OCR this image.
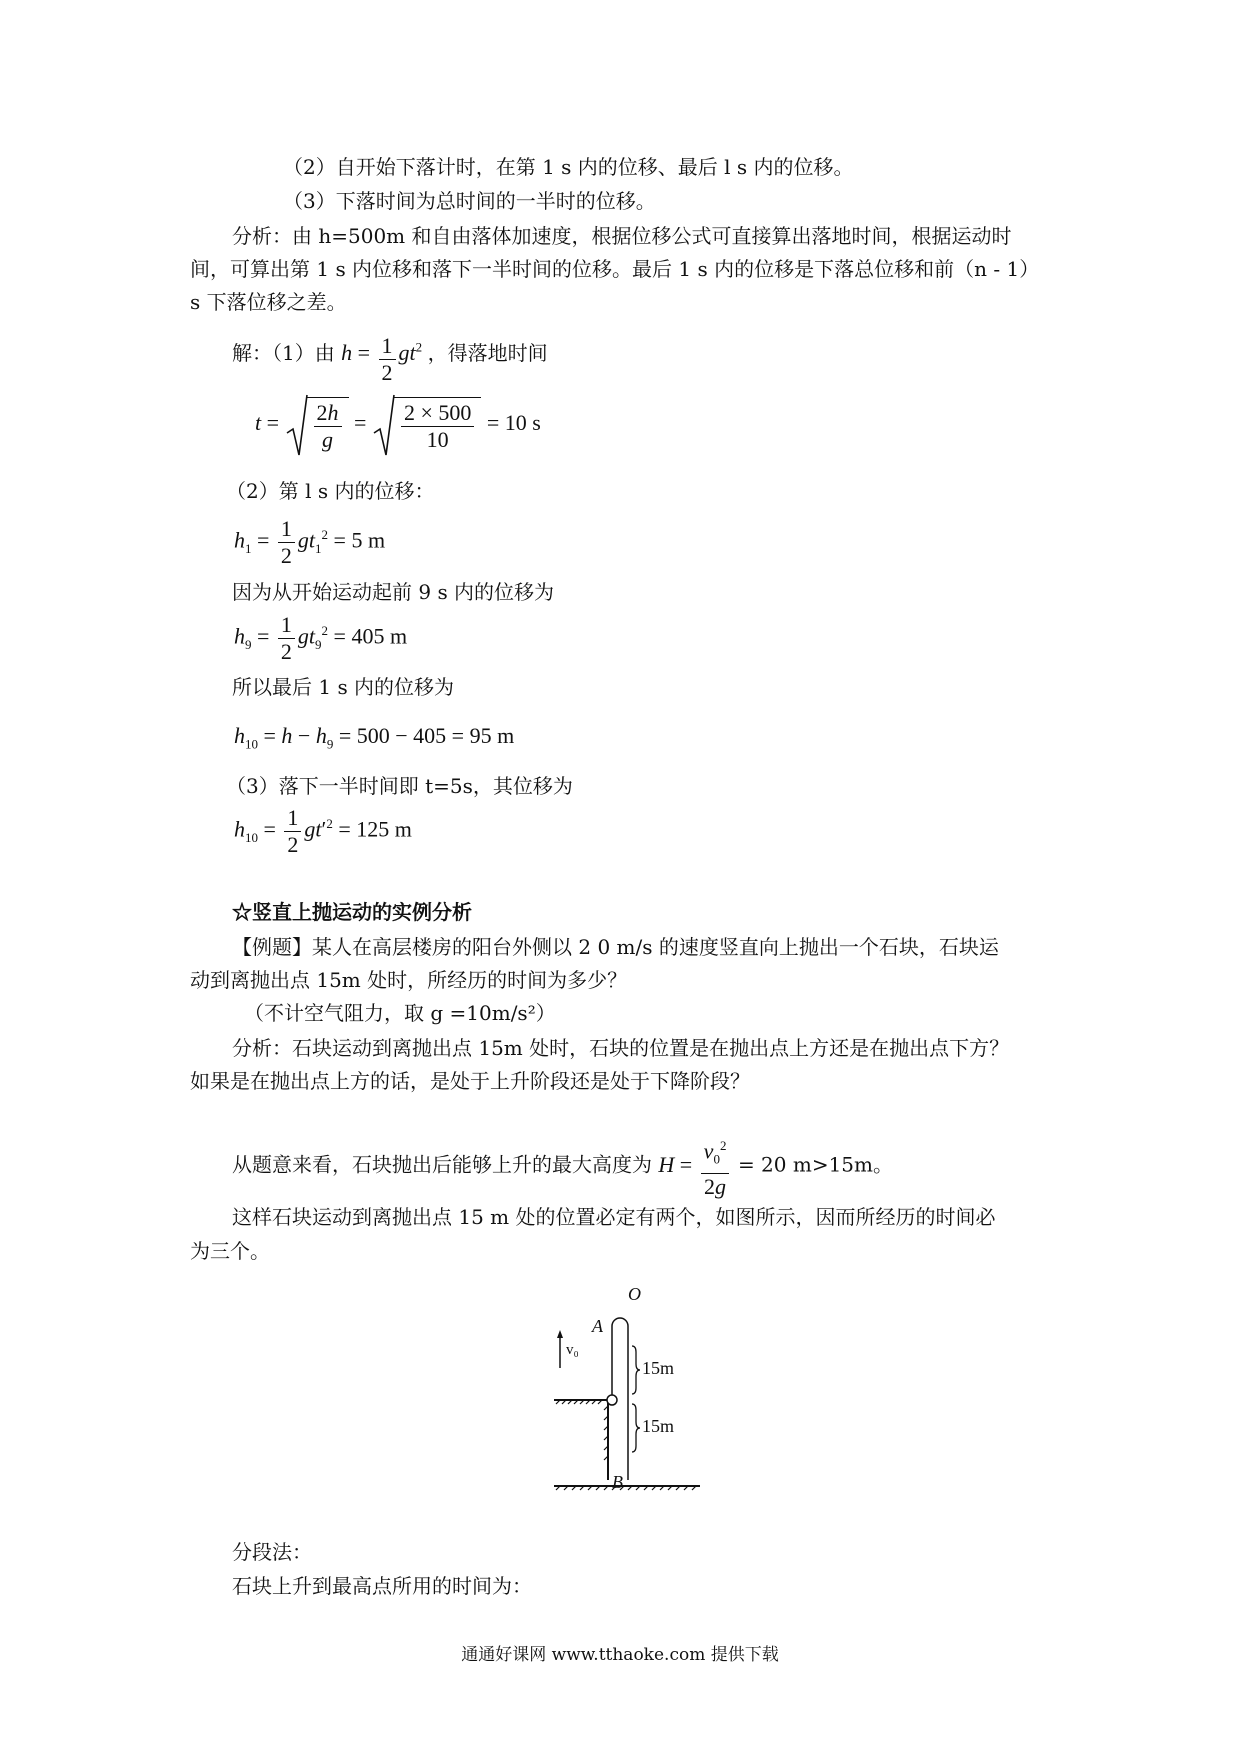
（2）自开始下落计时，在第 1 s 内的位移、最后 l s 内的位移。
（3）下落时间为总时间的一半时的位移。
分析：由 h=500m 和自由落体加速度，根据位移公式可直接算出落地时间，根据运动时
间，可算出第 1 s 内位移和落下一半时间的位移。最后 1 s 内的位移是下落总位移和前（n - 1）
s 下落位移之差。
解：（1）由 $h = \frac{1}{2} gt^2$ ，得落地时间
$t = \frac{2h}{g} = \frac{2 \times 500}{10} = 10$ s
（2）第 l s 内的位移：
$h_1 = \frac{1}{2} gt_1^2 = 5$ m
因为从开始运动起前 9 s 内的位移为
$h_9 = \frac{1}{2} gt_9^2 = 405$ m
所以最后 1 s 内的位移为
$h_{10} = h - h_9 = 500 - 405 = 95$ m
（3）落下一半时间即 t=5s，其位移为
$h_{10} = \frac{1}{2} gt'^2 = 125$ m
☆竖直上抛运动的实例分析
【例题】某人在高层楼房的阳台外侧以 2 0 m/s 的速度竖直向上抛出一个石块，石块运
动到离抛出点 15m 处时，所经历的时间为多少？
（不计空气阻力，取 g =10m/s²）
分析：石块运动到离抛出点 15m 处时，石块的位置是在抛出点上方还是在抛出点下方？
如果是在抛出点上方的话，是处于上升阶段还是处于下降阶段？
从题意来看，石块抛出后能够上升的最大高度为 $H = \frac{v_0^2}{2g} = 20$ m>15m。
这样石块运动到离抛出点 15 m 处的位置必定有两个，如图所示，因而所经历的时间必
为三个。
O
A
B
v₀
15m
15m
分段法：
石块上升到最高点所用的时间为：
通通好课网 www.tthaoke.com 提供下载
